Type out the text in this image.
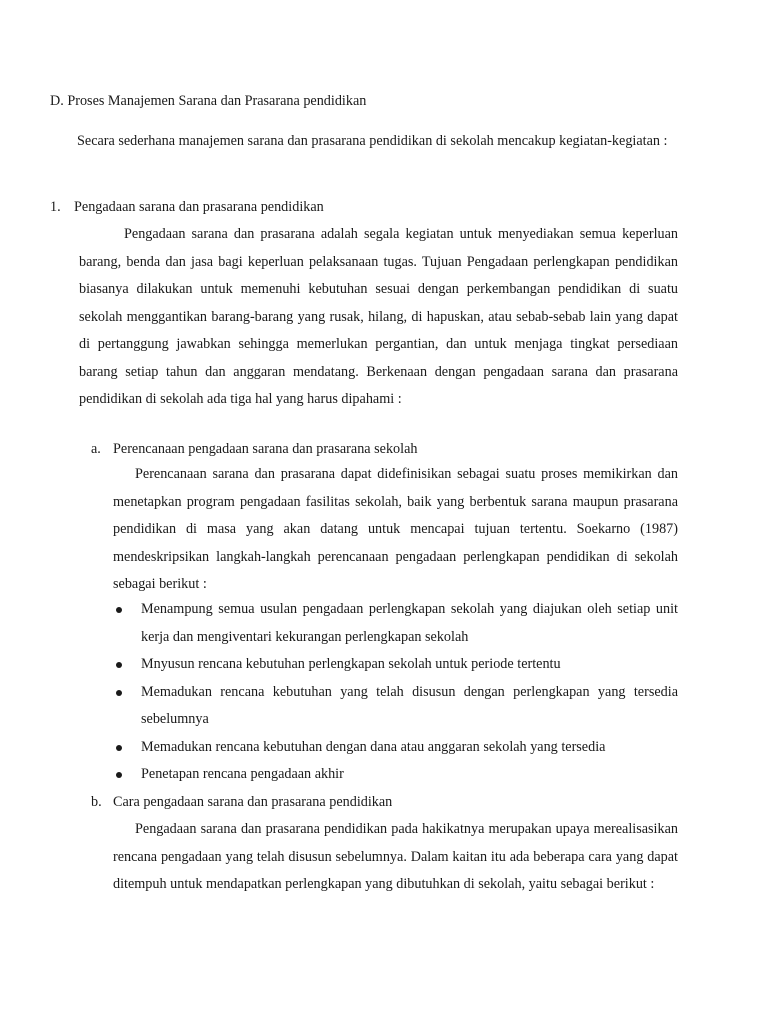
D. Proses Manajemen Sarana dan Prasarana pendidikan

Secara sederhana manajemen sarana dan prasarana pendidikan di sekolah mencakup kegiatan-kegiatan :

1. Pengadaan sarana dan prasarana pendidikan

Pengadaan sarana dan prasarana adalah segala kegiatan untuk menyediakan semua keperluan barang, benda dan jasa bagi keperluan pelaksanaan tugas. Tujuan Pengadaan perlengkapan pendidikan biasanya dilakukan untuk memenuhi kebutuhan sesuai dengan perkembangan pendidikan di suatu sekolah menggantikan barang-barang yang rusak, hilang, di hapuskan, atau sebab-sebab lain yang dapat di pertanggung jawabkan sehingga memerlukan pergantian, dan untuk menjaga tingkat persediaan barang setiap tahun dan anggaran mendatang. Berkenaan dengan pengadaan sarana dan prasarana pendidikan di sekolah ada tiga hal yang harus dipahami :

a. Perencanaan pengadaan sarana dan prasarana sekolah

Perencanaan sarana dan prasarana dapat didefinisikan sebagai suatu proses memikirkan dan menetapkan program pengadaan fasilitas sekolah, baik yang berbentuk sarana maupun prasarana pendidikan di masa yang akan datang untuk mencapai tujuan tertentu. Soekarno (1987) mendeskripsikan langkah-langkah perencanaan pengadaan perlengkapan pendidikan di sekolah sebagai berikut :

Menampung semua usulan pengadaan perlengkapan sekolah yang diajukan oleh setiap unit kerja dan mengiventari kekurangan perlengkapan sekolah
Mnyusun rencana kebutuhan perlengkapan sekolah untuk periode tertentu
Memadukan rencana kebutuhan yang telah disusun dengan perlengkapan yang tersedia sebelumnya
Memadukan rencana kebutuhan dengan dana atau anggaran sekolah yang tersedia
Penetapan rencana pengadaan akhir

b. Cara pengadaan sarana dan prasarana pendidikan

Pengadaan sarana dan prasarana pendidikan pada hakikatnya merupakan upaya merealisasikan rencana pengadaan yang telah disusun sebelumnya. Dalam kaitan itu ada beberapa cara yang dapat ditempuh untuk mendapatkan perlengkapan yang dibutuhkan di sekolah, yaitu sebagai berikut :
